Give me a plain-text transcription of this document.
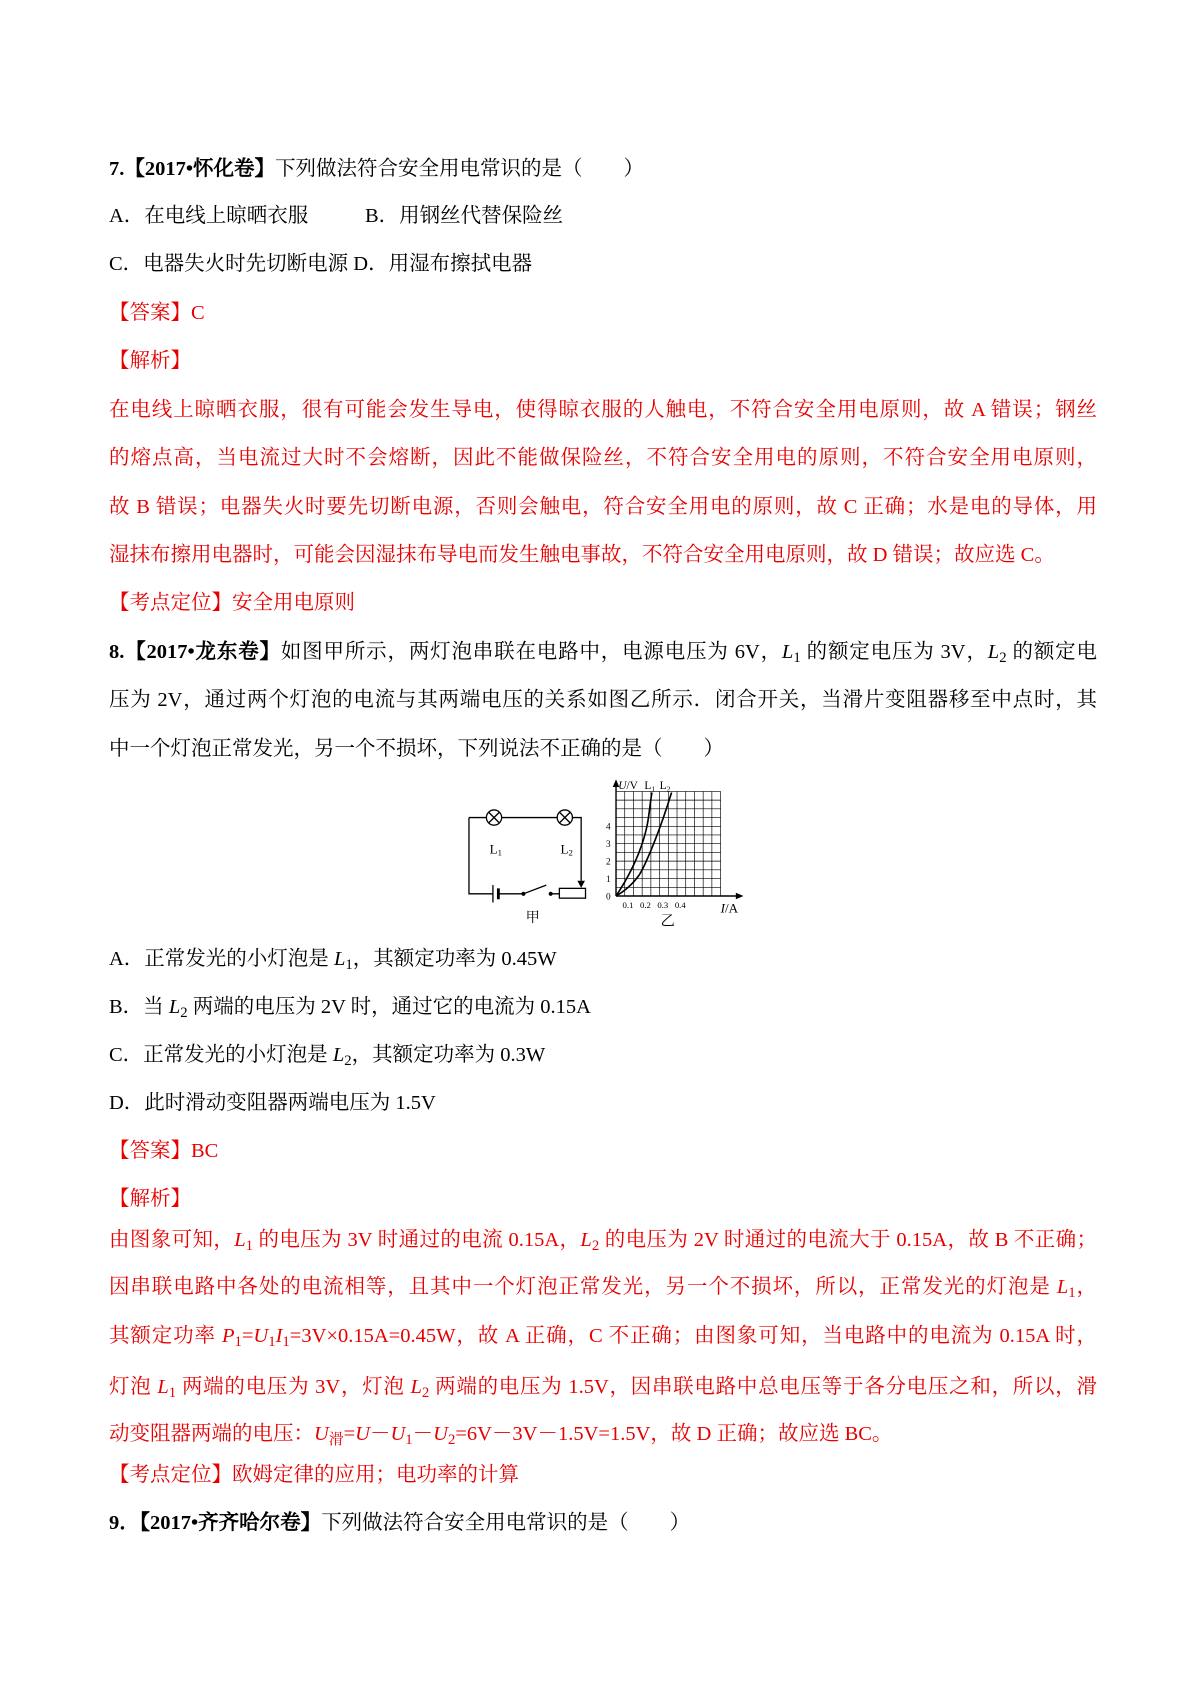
7.【2017•怀化卷】下列做法符合安全用电常识的是（　　）
A．在电线上晾晒衣服	B．用钢丝代替保险丝
C．电器失火时先切断电源 D．用湿布擦拭电器
【答案】C
【解析】
在电线上晾晒衣服，很有可能会发生导电，使得晾衣服的人触电，不符合安全用电原则，故 A 错误；钢丝
的熔点高，当电流过大时不会熔断，因此不能做保险丝，不符合安全用电的原则，不符合安全用电原则，
故 B 错误；电器失火时要先切断电源，否则会触电，符合安全用电的原则，故 C 正确；水是电的导体，用
湿抹布擦用电器时，可能会因湿抹布导电而发生触电事故，不符合安全用电原则，故 D 错误；故应选 C。
【考点定位】安全用电原则
8.【2017•龙东卷】如图甲所示，两灯泡串联在电路中，电源电压为 6V，$L_1$ 的额定电压为 3V，$L_2$ 的额定电
压为 2V，通过两个灯泡的电流与其两端电压的关系如图乙所示．闭合开关，当滑片变阻器移至中点时，其
中一个灯泡正常发光，另一个不损坏，下列说法不正确的是（　　）
L1	L2
甲
U/V L1 L2
0
1
2
3
4
0.1 0.2 0.3 0.4	I/A
乙
A．正常发光的小灯泡是 $L_1$，其额定功率为 0.45W
B．当 $L_2$ 两端的电压为 2V 时，通过它的电流为 0.15A
C．正常发光的小灯泡是 $L_2$，其额定功率为 0.3W
D．此时滑动变阻器两端电压为 1.5V
【答案】BC
【解析】
由图象可知，$L_1$ 的电压为 3V 时通过的电流 0.15A，$L_2$ 的电压为 2V 时通过的电流大于 0.15A，故 B 不正确；
因串联电路中各处的电流相等，且其中一个灯泡正常发光，另一个不损坏，所以，正常发光的灯泡是 $L_1$，
其额定功率 $P_1=U_1I_1=3V\times 0.15A=0.45W$，故 A 正确，C 不正确；由图象可知，当电路中的电流为 0.15A 时，
灯泡 $L_1$ 两端的电压为 3V，灯泡 $L_2$ 两端的电压为 1.5V，因串联电路中总电压等于各分电压之和，所以，滑
动变阻器两端的电压：$U_滑=U-U_1-U_2=6V-3V-1.5V=1.5V$，故 D 正确；故应选 BC。
【考点定位】欧姆定律的应用；电功率的计算
9．【2017•齐齐哈尔卷】下列做法符合安全用电常识的是（　　）
